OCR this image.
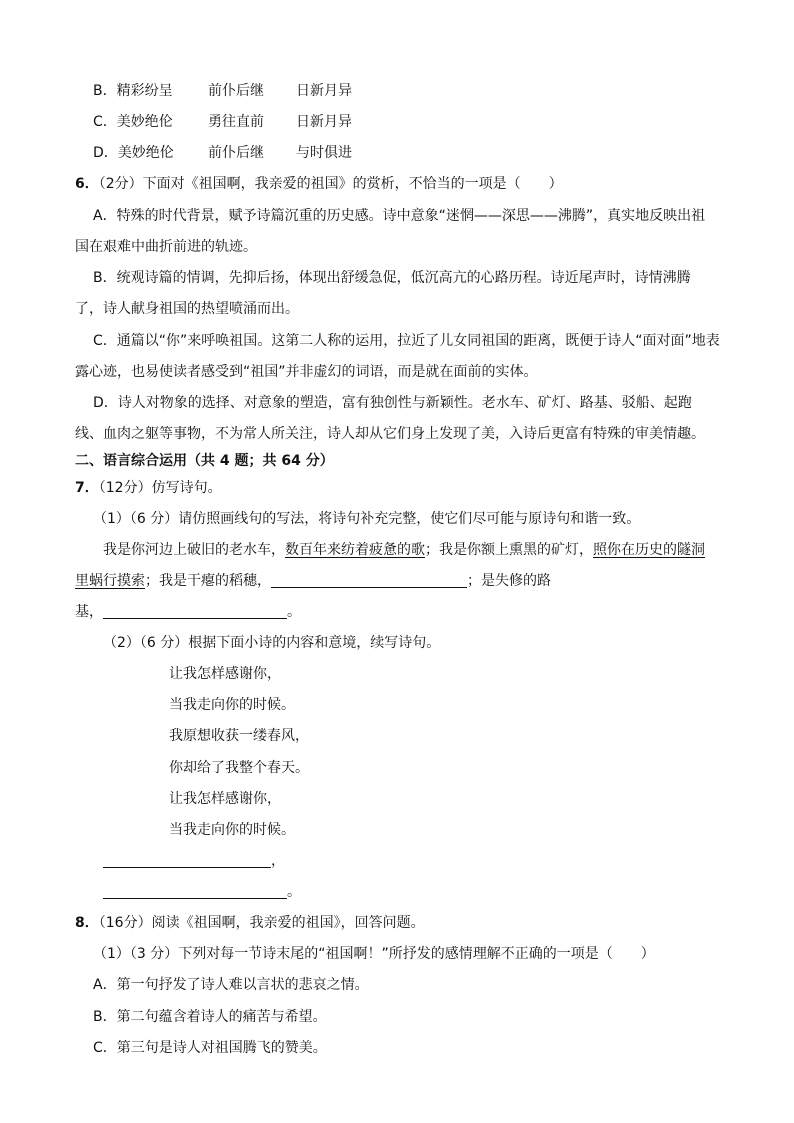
B．精彩纷呈	前仆后继 日新月异
C．美妙绝伦	勇往直前 日新月异
D．美妙绝伦 前仆后继 与时俱进
6．（2分）下面对《祖国啊，我亲爱的祖国》的赏析，不恰当的一项是（　　）
A．特殊的时代背景，赋予诗篇沉重的历史感。诗中意象“迷惘——深思——沸腾”，真实地反映出祖
国在艰难中曲折前进的轨迹。
B．统观诗篇的情调，先抑后扬，体现出舒缓急促，低沉高亢的心路历程。诗近尾声时，诗情沸腾
了，诗人献身祖国的热望喷涌而出。
C．通篇以“你”来呼唤祖国。这第二人称的运用，拉近了儿女同祖国的距离，既便于诗人“面对面”地表
露心迹，也易使读者感受到“祖国”并非虚幻的词语，而是就在面前的实体。
D．诗人对物象的选择、对意象的塑造，富有独创性与新颖性。老水车、矿灯、路基、驳船、起跑
线、血肉之躯等事物，不为常人所关注，诗人却从它们身上发现了美，入诗后更富有特殊的审美情趣。
二、语言综合运用（共 4 题；共 64 分）
7．（12分）仿写诗句。
（1）（6 分）请仿照画线句的写法，将诗句补充完整，使它们尽可能与原诗句和谐一致。
我是你河边上破旧的老水车，数百年来纺着疲惫的歌；我是你额上熏黑的矿灯，照你在历史的隧洞
里蜗行摸索；我是干瘪的稻穗，	；是失修的路
基，	。
（2）（6 分）根据下面小诗的内容和意境，续写诗句。
让我怎样感谢你，
当我走向你的时候。
我原想收获一缕春风，
你却给了我整个春天。
让我怎样感谢你，
当我走向你的时候。
，
。
8．（16分）阅读《祖国啊，我亲爱的祖国》，回答问题。
（1）（3 分）下列对每一节诗末尾的“祖国啊！”所抒发的感情理解不正确的一项是（　　）
A．第一句抒发了诗人难以言状的悲哀之情。
B．第二句蕴含着诗人的痛苦与希望。
C．第三句是诗人对祖国腾飞的赞美。
